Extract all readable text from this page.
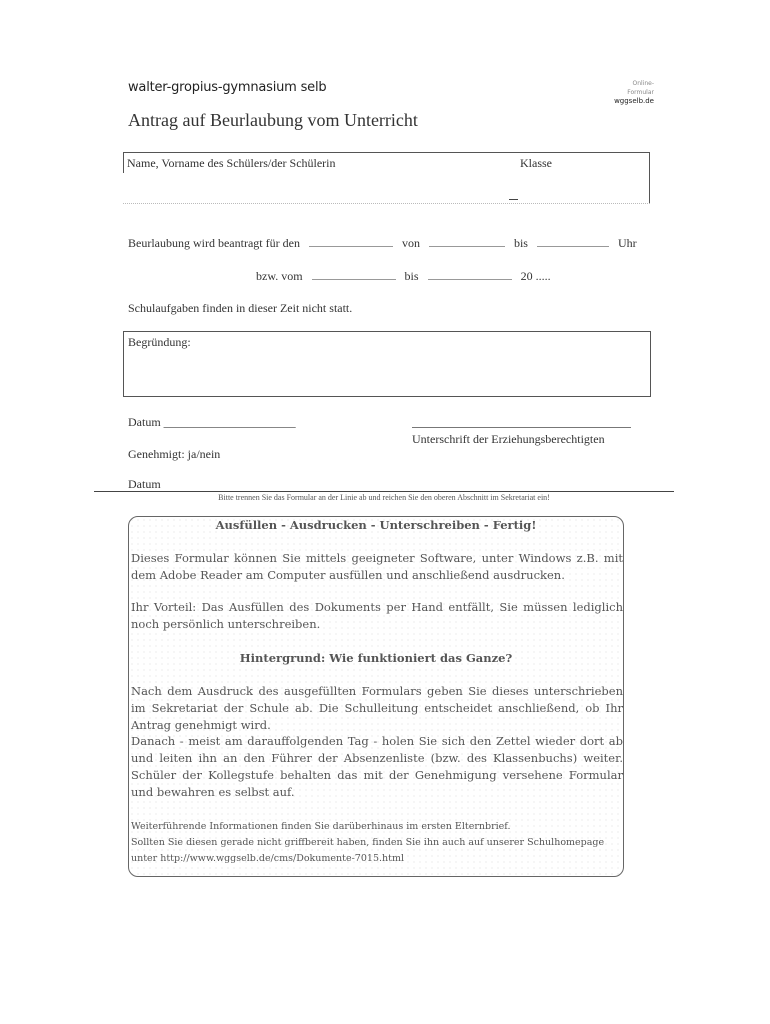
walter-gropius-gymnasium selb	Online-Formular
wggselb.de
Antrag auf Beurlaubung vom Unterricht
Name, Vorname des Schülers/der Schülerin	Klasse
Beurlaubung wird beantragt für den	von	bis	Uhr
bzw. vom	bis	20 .....
Schulaufgaben finden in dieser Zeit nicht statt.
Begründung:
Datum ______________________
Unterschrift der Erziehungsberechtigten
Genehmigt: ja/nein
Datum
Bitte trennen Sie das Formular an der Linie ab und reichen Sie den oberen Abschnitt im Sekretariat ein!
Ausfüllen - Ausdrucken - Unterschreiben - Fertig!
Dieses Formular können Sie mittels geeigneter Software, unter Windows z.B. mit dem Adobe Reader am Computer ausfüllen und anschließend ausdrucken.
Ihr Vorteil: Das Ausfüllen des Dokuments per Hand entfällt, Sie müssen lediglich noch persönlich unterschreiben.
Hintergrund: Wie funktioniert das Ganze?
Nach dem Ausdruck des ausgefüllten Formulars geben Sie dieses unterschrieben im Sekretariat der Schule ab. Die Schulleitung entscheidet anschließend, ob Ihr Antrag genehmigt wird.
Danach - meist am darauffolgenden Tag - holen Sie sich den Zettel wieder dort ab und leiten ihn an den Führer der Absenzenliste (bzw. des Klassenbuchs) weiter. Schüler der Kollegstufe behalten das mit der Genehmigung versehene Formular und bewahren es selbst auf.
Weiterführende Informationen finden Sie darüberhinaus im ersten Elternbrief.
Sollten Sie diesen gerade nicht griffbereit haben, finden Sie ihn auch auf unserer Schulhomepage unter http://www.wggselb.de/cms/Dokumente-7015.html
